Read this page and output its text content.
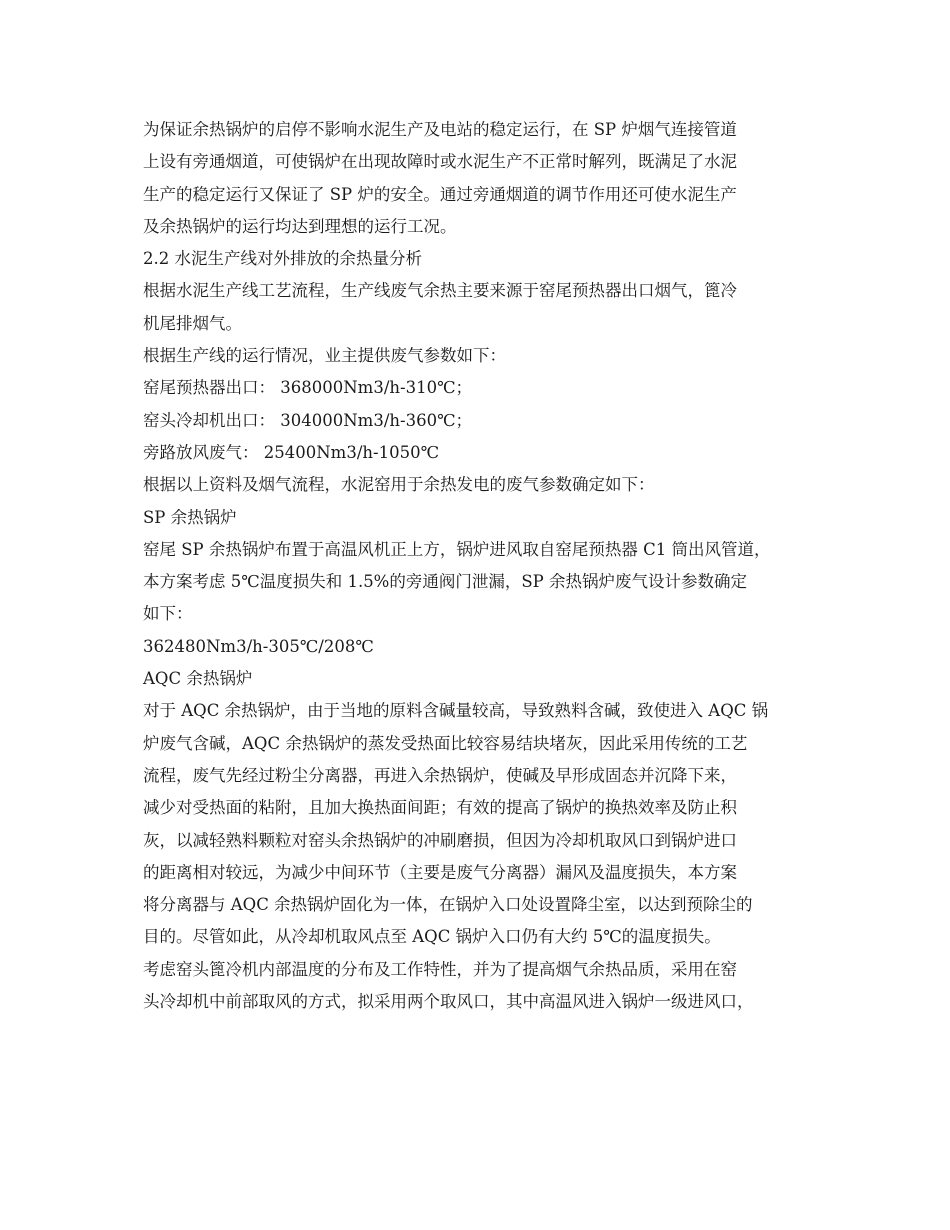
为保证余热锅炉的启停不影响水泥生产及电站的稳定运行，在 SP 炉烟气连接管道
上设有旁通烟道，可使锅炉在出现故障时或水泥生产不正常时解列，既满足了水泥
生产的稳定运行又保证了 SP 炉的安全。通过旁通烟道的调节作用还可使水泥生产
及余热锅炉的运行均达到理想的运行工况。
2.2 水泥生产线对外排放的余热量分析
根据水泥生产线工艺流程，生产线废气余热主要来源于窑尾预热器出口烟气，篦冷
机尾排烟气。
根据生产线的运行情况，业主提供废气参数如下：
窑尾预热器出口： 368000Nm3/h-310℃；
窑头冷却机出口： 304000Nm3/h-360℃；
旁路放风废气： 25400Nm3/h-1050℃
根据以上资料及烟气流程，水泥窑用于余热发电的废气参数确定如下：
SP 余热锅炉
窑尾 SP 余热锅炉布置于高温风机正上方，锅炉进风取自窑尾预热器 C1 筒出风管道，
本方案考虑 5℃温度损失和 1.5%的旁通阀门泄漏，SP 余热锅炉废气设计参数确定
如下：
362480Nm3/h-305℃/208℃
AQC 余热锅炉
对于 AQC 余热锅炉，由于当地的原料含碱量较高，导致熟料含碱，致使进入 AQC 锅
炉废气含碱，AQC 余热锅炉的蒸发受热面比较容易结块堵灰，因此采用传统的工艺
流程，废气先经过粉尘分离器，再进入余热锅炉，使碱及早形成固态并沉降下来，
减少对受热面的粘附，且加大换热面间距；有效的提高了锅炉的换热效率及防止积
灰，以减轻熟料颗粒对窑头余热锅炉的冲刷磨损，但因为冷却机取风口到锅炉进口
的距离相对较远，为减少中间环节（主要是废气分离器）漏风及温度损失，本方案
将分离器与 AQC 余热锅炉固化为一体，在锅炉入口处设置降尘室，以达到预除尘的
目的。尽管如此，从冷却机取风点至 AQC 锅炉入口仍有大约 5℃的温度损失。
考虑窑头篦冷机内部温度的分布及工作特性，并为了提高烟气余热品质，采用在窑
头冷却机中前部取风的方式，拟采用两个取风口，其中高温风进入锅炉一级进风口，
